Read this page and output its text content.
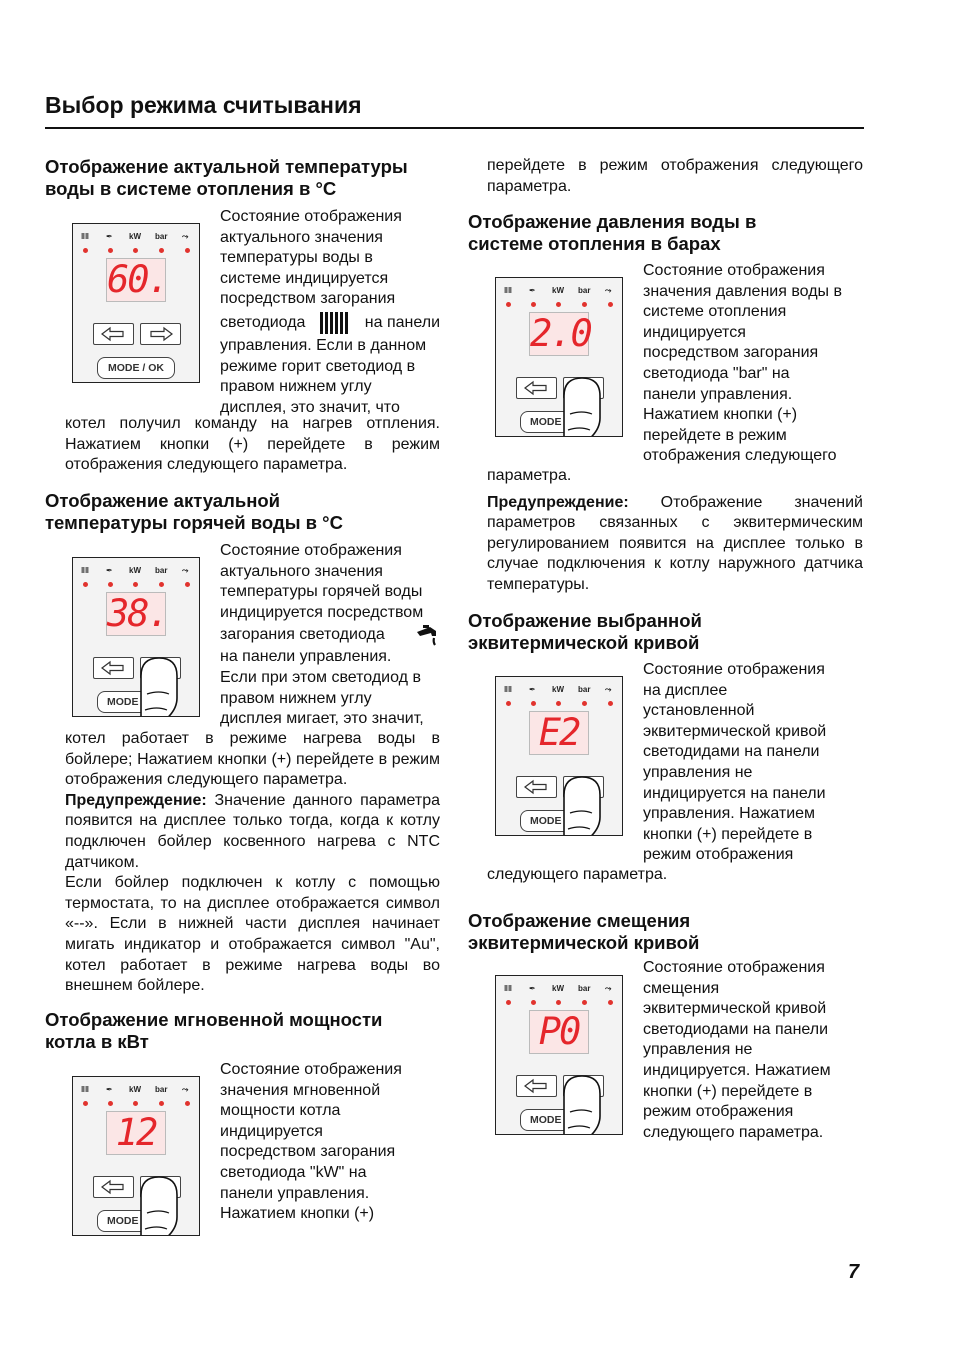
Выбор режима считывания
7
Отображение актуальной температуры
воды в системе отопления в °С
‖‖ ✒ kW bar ⤳
60.
MODE / OK
Состояние отображения
актуального значения
температуры воды в
системе индицируется
посредством загорания
светодиода	на панели
управления. Если в данном
режиме горит светодиод в
правом нижнем углу
дисплея, это значит, что
котел получил команду на нагрев отпления. Нажатием кнопки (+) перейдете в режим отображения следующего параметра.
Отображение актуальной
температуры горячей воды в °С
‖‖ ✒ kW bar ⤳
38.
MODE
Состояние отображения
актуального значения
температуры горячей воды
индицируется посредством
загорания светодиода
на панели управления.
Если при этом светодиод в
правом нижнем углу
дисплея мигает, это значит,
котел работает в режиме нагрева воды в бойлере; Нажатием кнопки (+) перейдете в режим отображения следующего параметра.
Предупреждение: Значение данного параметра появится на дисплее только тогда, когда к котлу подключен бойлер косвенного нагрева с NTC датчиком.
Если бойлер подключен к котлу с помощью термостата, то на дисплее отображается символ «--». Если в нижней части дисплея начинает мигать индикатор и отображается символ "Au", котел работает в режиме нагрева воды во внешнем бойлере.
Отображение мгновенной мощности
котла в кВт
‖‖ ✒ kW bar ⤳
12
MODE
Состояние отображения
значения мгновенной
мощности котла
индицируется
посредством загорания
светодиода "kW" на
панели управления.
Нажатием кнопки (+)
перейдете в режим отображения следующего параметра.
Отображение давления воды в
системе отопления в барах
‖‖ ✒ kW bar ⤳
2.0
MODE
Состояние отображения
значения давления воды в
системе отопления
индицируется
посредством загорания
светодиода "bar" на
панели управления.
Нажатием кнопки (+)
перейдете в режим
отображения следующего
параметра.
Предупреждение: Отображение значений параметров связанных с эквитермическим регулированием появится на дисплее только в случае подключения к котлу наружного датчика температуры.
Отображение выбранной
эквитермической кривой
‖‖ ✒ kW bar ⤳
E2
MODE
Состояние отображения
на дисплее
установленной
эквитермической кривой
светодидами на панели
управления не
индицируется на панели
управления. Нажатием
кнопки (+) перейдете в
режим отображения
следующего параметра.
Отображение смещения
эквитермической кривой
‖‖ ✒ kW bar ⤳
P0
MODE
Состояние отображения
смещения
эквитермической кривой
светодиодами на панели
управления не
индицируется. Нажатием
кнопки (+) перейдете в
режим отображения
следующего параметра.
